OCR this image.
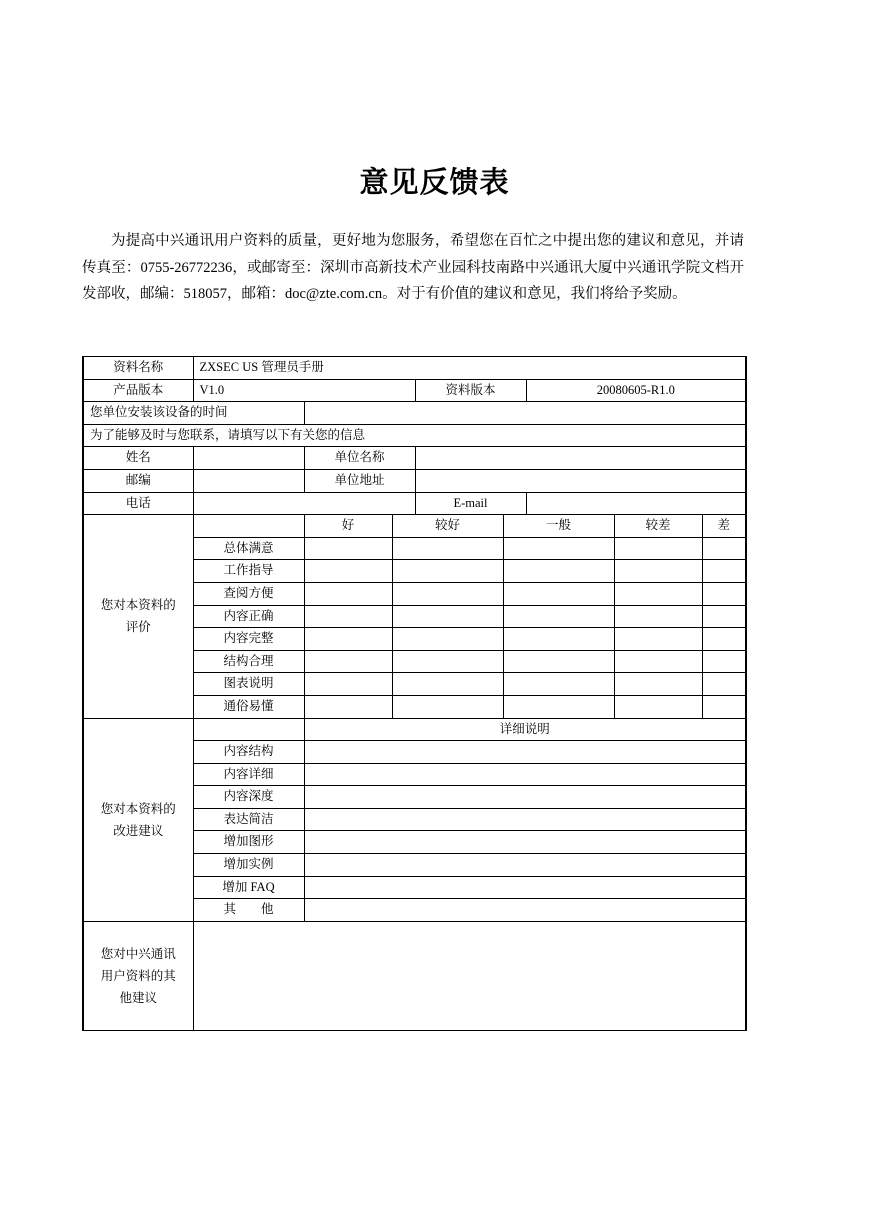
意见反馈表
为提高中兴通讯用户资料的质量，更好地为您服务，希望您在百忙之中提出您的建议和意见，并请传真至：0755-26772236，或邮寄至：深圳市高新技术产业园科技南路中兴通讯大厦中兴通讯学院文档开发部收，邮编：518057，邮箱：doc@zte.com.cn。对于有价值的建议和意见，我们将给予奖励。
资料名称	ZXSEC US 管理员手册							
产品版本	V1.0			资料版本		20080605-R1.0		
您单位安装该设备的时间								
为了能够及时与您联系，请填写以下有关您的信息								
姓名		单位名称						
邮编		单位地址						
电话				E-mail				

您对本资料的评价		好	较好		一般		较差	差
	总体满意							
	工作指导							
	查阅方便							
	内容正确							
	内容完整							
	结构合理							
	图表说明							
	通俗易懂							

您对本资料的改进建议		详细说明						
	内容结构							
	内容详细							
	内容深度							
	表达简洁							
	增加图形							
	增加实例							
	增加 FAQ							
	其　　他							

您对中兴通讯用户资料的其他建议								
